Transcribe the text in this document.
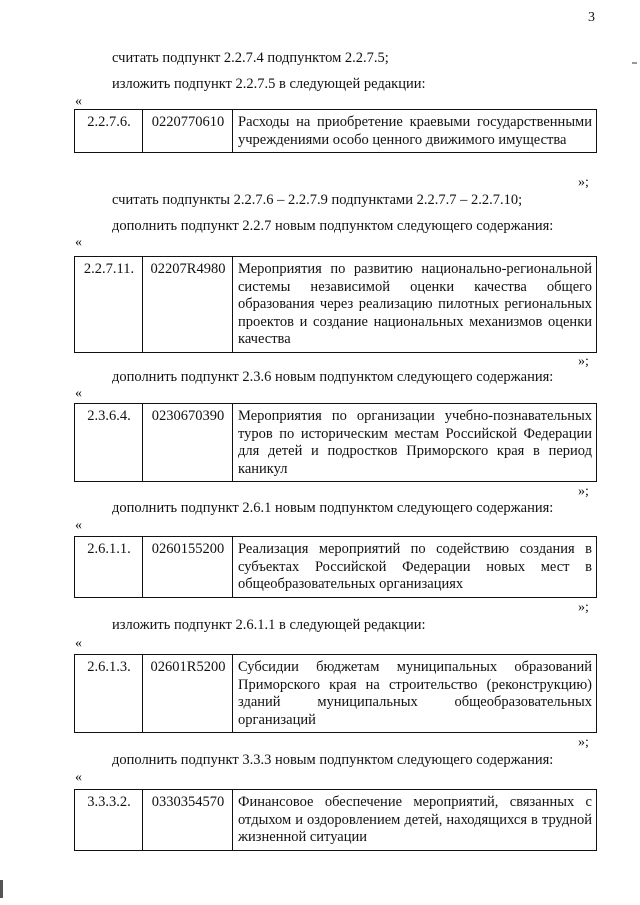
3
считать подпункт 2.2.7.4 подпунктом 2.2.7.5;
изложить подпункт 2.2.7.5 в следующей редакции:
«
2.2.7.6.	0220770610	Расходы на приобретение краевыми государственными учреждениями особо ценного движимого имущества
»;
считать подпункты 2.2.7.6 – 2.2.7.9 подпунктами 2.2.7.7 – 2.2.7.10;
дополнить подпункт 2.2.7 новым подпунктом следующего содержания:
«
2.2.7.11.	02207R4980	Мероприятия по развитию национально-региональной системы независимой оценки качества общего образования через реализацию пилотных региональных проектов и создание национальных механизмов оценки качества
»;
дополнить подпункт 2.3.6 новым подпунктом следующего содержания:
«
2.3.6.4.	0230670390	Мероприятия по организации учебно-познавательных туров по историческим местам Российской Федерации для детей и подростков Приморского края в период каникул
»;
дополнить подпункт 2.6.1 новым подпунктом следующего содержания:
«
2.6.1.1.	0260155200	Реализация мероприятий по содействию создания в субъектах Российской Федерации новых мест в общеобразовательных организациях
»;
изложить подпункт 2.6.1.1 в следующей редакции:
«
2.6.1.3.	02601R5200	Субсидии бюджетам муниципальных образований Приморского края на строительство (реконструкцию) зданий муниципальных общеобразовательных организаций
»;
дополнить подпункт 3.3.3 новым подпунктом следующего содержания:
«
3.3.3.2.	0330354570	Финансовое обеспечение мероприятий, связанных с отдыхом и оздоровлением детей, находящихся в трудной жизненной ситуации
